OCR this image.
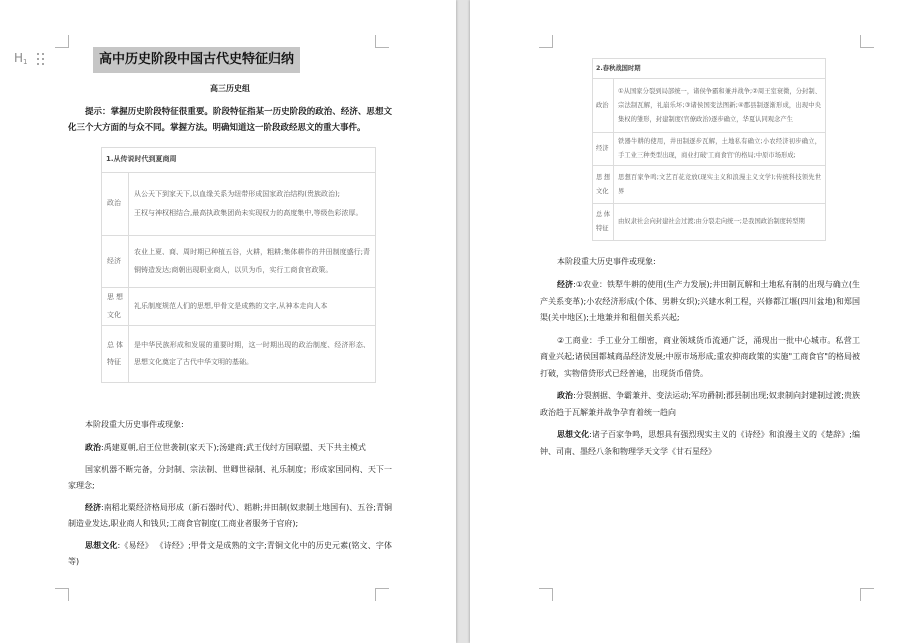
$H_1$	高中历史阶段中国古代史特征归纳
高三历史组
提示：掌握历史阶段特征很重要。阶段特征指某一历史阶段的政治、经济、思想文化三个大方面的与众不同。掌握方法。明确知道这一阶段政经思文的重大事件。
1.从传说时代到夏商周	
政治	从公天下到家天下,以血缘关系为纽带形成国家政治结构(贵族政治);
王权与神权相结合,最高执政集团尚未实现权力的高度集中,等级色彩浓厚。

经济	农业上夏、商、周时期已种植五谷，火耕，粗耕;集体耕作的井田制度盛行;青铜铸造发达;商朝出现职业商人，以贝为币，实行工商食官政策。

思想文化	礼乐制度规范人们的思想,甲骨文是成熟的文字,从神本走向人本

总体特征	是中华民族形成和发展的重要时期，这一时期出现的政治制度、经济形态、思想文化奠定了古代中华文明的基础。
本阶段重大历史事件或现象:

政治:禹建夏朝,启王位世袭制(家天下);汤建商;武王伐纣方国联盟、天下共主模式

国家机器不断完备，分封制、宗法制、世卿世禄制、礼乐制度；形成家国同构、天下一家理念;

经济:南稻北粟经济格局形成（新石器时代）、耜耕;井田制(奴隶制土地国有)、五谷;青铜制造业发达,职业商人和钱贝;工商食官制度(工商业者服务于官府);

思想文化:《易经》 《诗经》;甲骨文是成熟的文字;青铜文化中的历史元素(铭文、字体等)

2.春秋战国时期	
政治	①从国家分裂到局部统一，诸侯争霸和兼并战争;②周王室衰微，分封制、宗法制瓦解，礼崩乐坏;③诸侯国变法图新;④郡县制逐渐形成，出现中央集权的雏形，封建制度(官僚政治)逐步确立，华夏认同观念产生
经济	铁器牛耕的使用，井田制逐步瓦解，土地私有确立;小农经济初步确立，手工业三种类型出现，商业打破'工商食官'的格局;中原市场形成;
思想文化	思想百家争鸣;文艺百花竞放(现实主义和浪漫主义文学);传统科技领先世界
总体特征	由奴隶社会向封建社会过渡;由分裂走向统一;是我国政治制度转型期
本阶段重大历史事件或现象:

经济:①农业：铁犁牛耕的使用(生产力发展);井田制瓦解和土地私有制的出现与确立(生产关系变革);小农经济形成(个体、男耕女织);兴建水利工程，兴修都江堰(四川盆地)和郑国渠(关中地区);土地兼并和租佃关系兴起;

②工商业：手工业分工细密，商业领域货币流通广泛，涌现出一批中心城市。私营工商业兴起;诸侯国都城商品经济发展;中原市场形成;重农抑商政策的实施"工商食官"的格局被打破，实物借贷形式已经普遍，出现货币借贷。

政治:分裂割据、争霸兼并、变法运动;军功爵制;郡县制出现;奴隶制向封建制过渡;贵族政治趋于瓦解兼并战争孕育着统一趋向

思想文化:诸子百家争鸣，思想具有强烈现实主义的《诗经》和浪漫主义的《楚辞》;编钟、司南、墨经八条和物理学天文学《甘石星经》
